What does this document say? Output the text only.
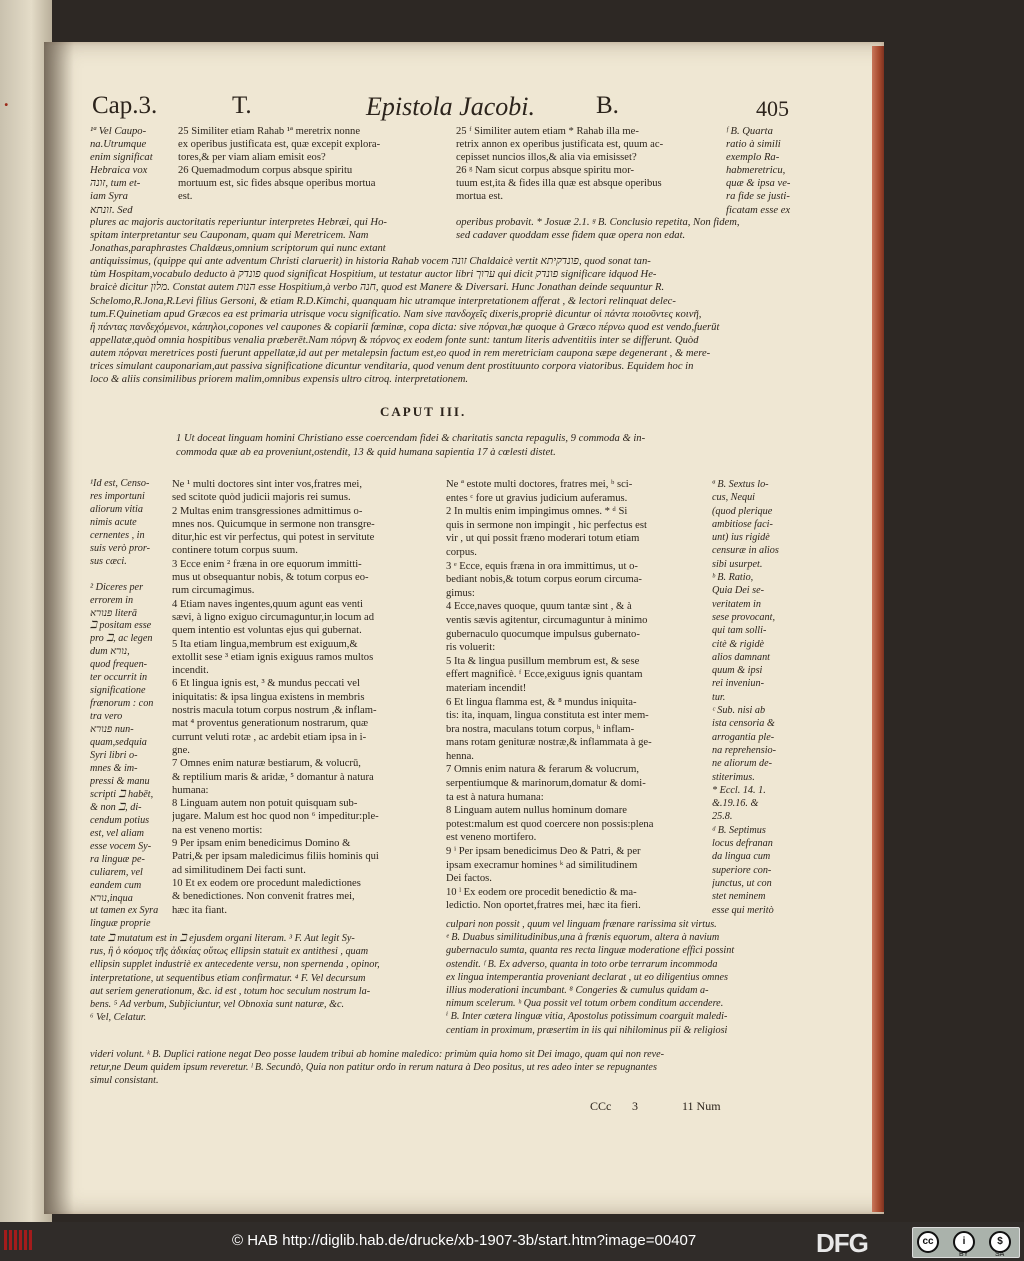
.	Cap.3.	T.	Epistola Jacobi. B.	405
¹ª Vel Caupo-
na.Utrumque
enim significat
Hebraica vox
זונה, tum et-
iam Syra
זונתא. Sed
25 Similiter etiam Rahab ¹ª meretrix nonne
ex operibus justificata est, quæ excepit explora-
tores,& per viam aliam emisit eos?
26 Quemadmodum corpus absque spiritu
mortuum est, sic fides absque operibus mortua
est.
25 ᶠ Similiter autem etiam * Rahab illa me-
retrix annon ex operibus justificata est, quum ac-
cepisset nuncios illos,& alia via emisisset?
26 ᵍ Nam sicut corpus absque spiritu mor-
tuum est,ita & fides illa quæ est absque operibus
mortua est.
ᶠ B. Quarta
ratio à simili
exemplo Ra-
habmeretricu,
quæ & ipsa ve-
ra fide se justi-
ficatam esse ex
operibus probavit. * Josuæ 2.1. ᵍ B. Conclusio repetita, Non fidem,
sed cadaver quoddam esse fidem quæ opera non edat.
plures ac majoris auctoritatis reperiuntur interpretes Hebræi, qui Ho-
spitam interpretantur seu Cauponam, quam qui Meretricem. Nam
Jonathas,paraphrastes Chaldæus,omnium scriptorum qui nunc extant
antiquissimus, (quippe qui ante adventum Christi claruerit) in historia Rahab vocem זונה Chaldaicè vertit פונדקיתא, quod sonat tan-
tùm Hospitam,vocabulo deducto à פונדק quod significat Hospitium, ut testatur auctor libri ערוך qui dicit פונדק significare idquod He-
braicè dicitur מלון. Constat autem הנות esse Hospitium,à verbo חנה, quod est Manere & Diversari. Hunc Jonathan deinde sequuntur R.
Schelomo,R.Jona,R.Levi filius Gersoni, & etiam R.D.Kimchi, quanquam hic utramque interpretationem afferat , & lectori relinquat delec-
tum.F.Quinetiam apud Græcos ea est primaria utrisque vocu significatio. Nam sive πανδοχεῖς dixeris,propriè dicuntur οἱ πάντα ποιοῦντες κοινῆ,
ἢ πάντας πανδεχόμενοι, κάπηλοι,copones vel caupones & copiarii fœminæ, copa dicta: sive πόρναι,hæ quoque à Græco πέρνω quod est vendo,fuerūt
appellatæ,quòd omnia hospitibus venalia præberēt.Nam πόρνη & πόρνος ex eodem fonte sunt: tantum literis adventitiis inter se differunt. Quòd
autem πόρναι meretrices posti fuerunt appellatæ,id aut per metalepsin factum est,eo quod in rem meretriciam caupona sæpe degenerant , & mere-
trices simulant cauponariam,aut passiva significatione dicuntur venditaria, quod venum dent prostituunto corpora viatoribus. Equidem hoc in
loco & aliis consimilibus priorem malim,omnibus expensis ultro citroq. interpretationem.
CAPUT III.
1 Ut doceat linguam homini Christiano esse coercendam fidei & charitatis sancta repagulis, 9 commoda & in-
commoda quæ ab ea proveniunt,ostendit, 13 & quid humana sapientia 17 à cœlesti distet.
¹Id est, Censo-
res importuni
aliorum vitia
nimis acute
cernentes , in
suis verò pror-
sus cæci.

² Diceres per
errorem in
פנורא literā
ℶ positam esse
pro ℶ, ac legen
dum נורא,
quod frequen-
ter occurrit in
significatione
frænorum : con
tra vero
פנורא nun-
quam,sedquia
Syri libri o-
mnes & im-
pressi & manu
scripti ℶ habēt,
& non ℶ, di-
cendum potius
est, vel aliam
esse vocem Sy-
ra linguæ pe-
culiarem, vel
eandem cum
נורא,inqua
ut tamen ex Syra
linguæ proprie
Ne ¹ multi doctores sint inter vos,fratres mei,
sed scitote quòd judicii majoris rei sumus.
2 Multas enim transgressiones admittimus o-
mnes nos. Quicumque in sermone non transgre-
ditur,hic est vir perfectus, qui potest in servitute
continere totum corpus suum.
3 Ecce enim ² fræna in ore equorum immitti-
mus ut obsequantur nobis, & totum corpus eo-
rum circumagimus.
4 Etiam naves ingentes,quum agunt eas venti
sævi, à ligno exiguo circumaguntur,in locum ad
quem intentio est voluntas ejus qui gubernat.
5 Ita etiam lingua,membrum est exiguum,&
extollit sese ³ etiam ignis exiguus ramos multos
incendit.
6 Et lingua ignis est, ³ & mundus peccati vel
iniquitatis: & ipsa lingua existens in membris
nostris macula totum corpus nostrum ,& inflam-
mat ⁴ proventus generationum nostrarum, quæ
currunt veluti rotæ , ac ardebit etiam ipsa in i-
gne.
7 Omnes enim naturæ bestiarum, & volucrū,
& reptilium maris & aridæ, ⁵ domantur à natura
humana:
8 Linguam autem non potuit quisquam sub-
jugare. Malum est hoc quod non ⁶ impeditur:ple-
na est veneno mortis:
9 Per ipsam enim benedicimus Domino &
Patri,& per ipsam maledicimus filiis hominis qui
ad similitudinem Dei facti sunt.
10 Et ex eodem ore procedunt maledictiones
& benedictiones. Non convenit fratres mei,
hæc ita fiant.
Ne ª estote multi doctores, fratres mei, ᵇ sci-
entes ᶜ fore ut gravius judicium auferamus.
2 In multis enim impingimus omnes. * ᵈ Si
quis in sermone non impingit , hic perfectus est
vir , ut qui possit fræno moderari totum etiam
corpus.
3 ᵉ Ecce, equis fræna in ora immittimus, ut o-
bediant nobis,& totum corpus eorum circuma-
gimus:
4 Ecce,naves quoque, quum tantæ sint , & à
ventis sævis agitentur, circumaguntur à minimo
gubernaculo quocumque impulsus gubernato-
ris voluerit:
5 Ita & lingua pusillum membrum est, & sese
effert magnificè. ᶠ Ecce,exiguus ignis quantam
materiam incendit!
6 Et lingua flamma est, & ⁸ mundus iniquita-
tis: ita, inquam, lingua constituta est inter mem-
bra nostra, maculans totum corpus, ʰ inflam-
mans rotam genituræ nostræ,& inflammata à ge-
henna.
7 Omnis enim natura & ferarum & volucrum,
serpentiumque & marinorum,domatur & domi-
ta est à natura humana:
8 Linguam autem nullus hominum domare
potest:malum est quod coercere non possis:plena
est veneno mortifero.
9 ⁱ Per ipsam benedicimus Deo & Patri, & per
ipsam execramur homines ᵏ ad similitudinem
Dei factos.
10 ˡ Ex eodem ore procedit benedictio & ma-
ledictio. Non oportet,fratres mei, hæc ita fieri.
ª B. Sextus lo-
cus, Nequi
(quod plerique
ambitiose faci-
unt) ius rigidè
censuræ in alios
sibi usurpet.
ᵇ B. Ratio,
Quia Dei se-
veritatem in
sese provocant,
qui tam solli-
citè & rigidè
alios damnant
quum & ipsi
rei inveniun-
tur.
ᶜ Sub. nisi ab
ista censoria &
arrogantia ple-
na reprehensio-
ne aliorum de-
stiterimus.
* Eccl. 14. 1.
&.19.16. &
25.8.
ᵈ B. Septimus
locus defranan
da lingua cum
superiore con-
junctus, ut con
stet neminem
esse qui meritò
tate ℶ mutatum est in ℶ ejusdem organi literam. ³ F. Aut legit Sy-
rus, ἢ ὁ κόσμος τῆς ἀδικίας οὕτως ellipsin statuit ex antithesi , quam
ellipsin supplet industriè ex antecedente versu, non spernenda , opinor,
interpretatione, ut sequentibus etiam confirmatur. ⁴ F. Vel decursum
aut seriem generationum, &c. id est , totum hoc seculum nostrum la-
bens. ⁵ Ad verbum, Subjiciuntur, vel Obnoxia sunt naturæ, &c.
⁶ Vel, Celatur.
culpari non possit , quum vel linguam frænare rarissima sit virtus.
ᵉ B. Duabus similitudinibus,una à frænis equorum, altera à navium
gubernaculo sumta, quanta res recta linguæ moderatione effici possint
ostendit. ᶠ B. Ex adverso, quanta in toto orbe terrarum incommoda
ex lingua intemperantia proveniant declarat , ut eo diligentius omnes
illius moderationi incumbant. ⁸ Congeries & cumulus quidam a-
nimum scelerum. ʰ Qua possit vel totum orbem conditum accendere.
ⁱ B. Inter cætera linguæ vitia, Apostolus potissimum coarguit maledi-
centiam in proximum, præsertim in iis qui nihilominus pii & religiosi
videri volunt. ᵏ B. Duplici ratione negat Deo posse laudem tribui ab homine maledico: primùm quia homo sit Dei imago, quam qui non reve-
retur,ne Deum quidem ipsum reveretur. ˡ B. Secundò, Quia non patitur ordo in rerum natura à Deo positus, ut res adeo inter se repugnantes
simul consistant.
CCc 3	11 Num
© HAB http://diglib.hab.de/drucke/xb-1907-3b/start.htm?image=00407	DFG	cc	i	$
BY	SA
